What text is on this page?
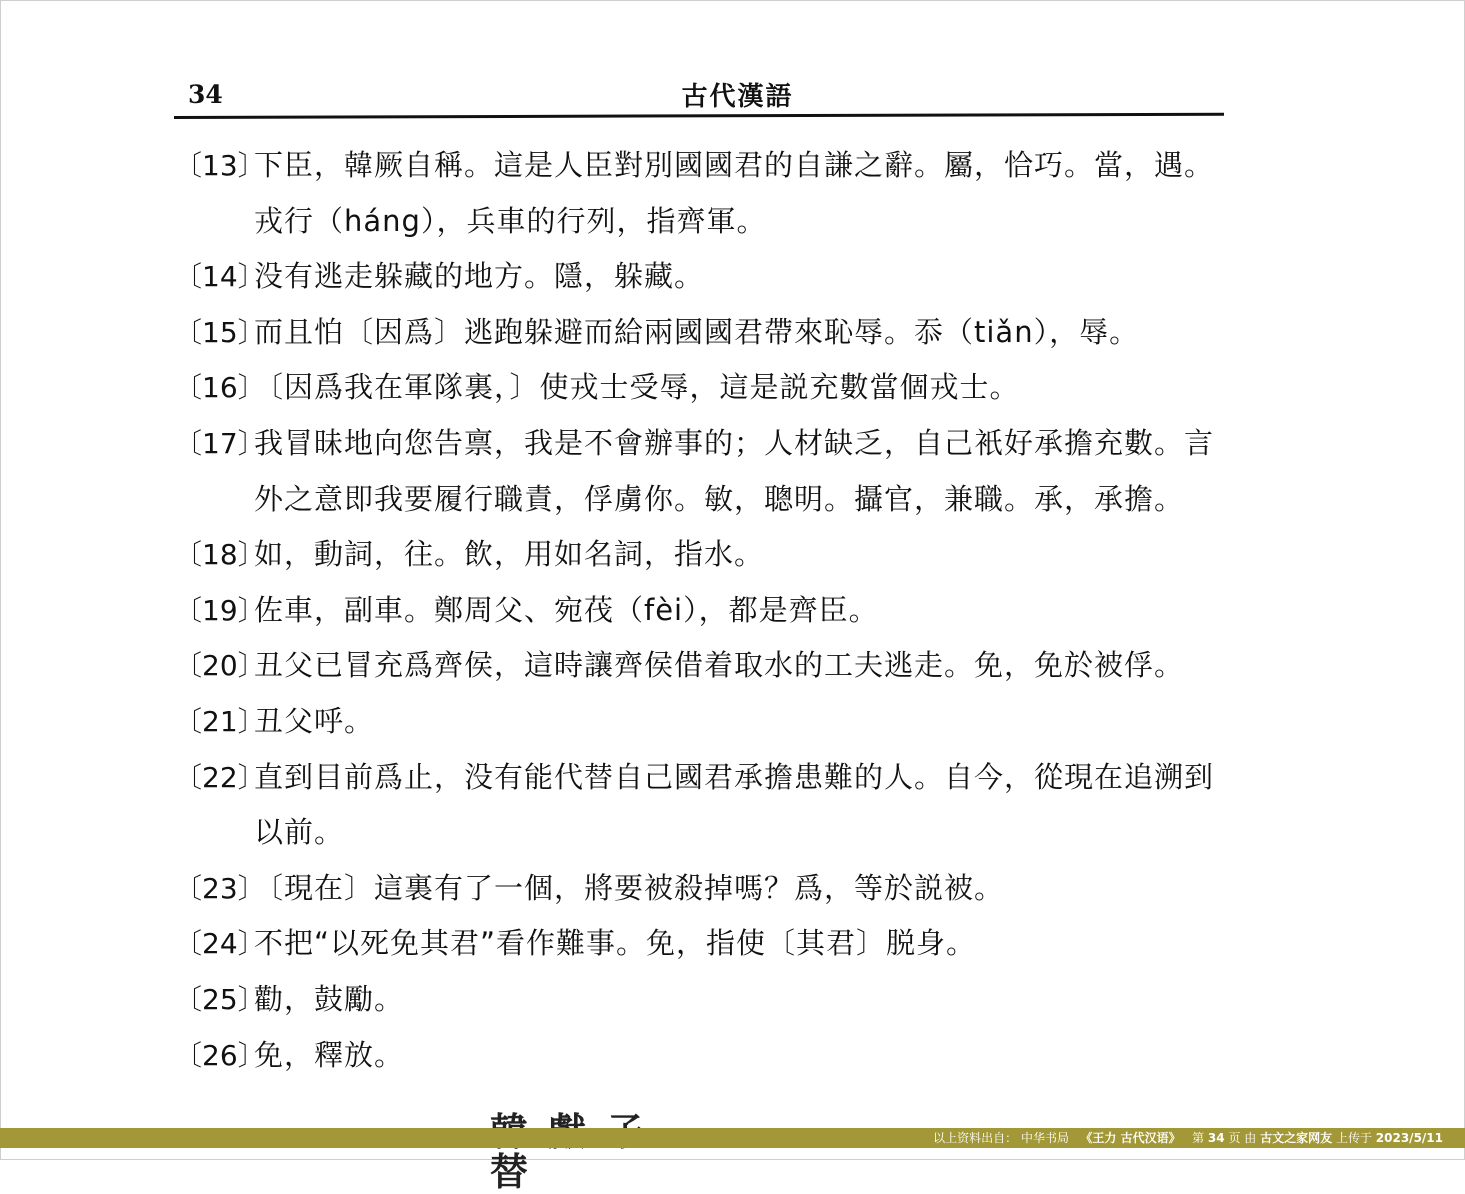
34	古代漢語
〔13〕
下臣，韓厥自稱。這是人臣對別國國君的自謙之辭。屬，恰巧。當，遇。戎行（háng），兵車的行列，指齊軍。
〔14〕
没有逃走躲藏的地方。隱，躲藏。
〔15〕
而且怕〔因爲〕逃跑躲避而給兩國國君帶來恥辱。忝（tiǎn），辱。
〔16〕
〔因爲我在軍隊裏，〕使戎士受辱，這是説充數當個戎士。
〔17〕
我冒昧地向您告禀，我是不會辦事的；人材缺乏，自己衹好承擔充數。言外之意即我要履行職責，俘虜你。敏，聰明。攝官，兼職。承，承擔。
〔18〕
如，動詞，往。飲，用如名詞，指水。
〔19〕
佐車，副車。鄭周父、宛茷（fèi），都是齊臣。
〔20〕
丑父已冒充爲齊侯，這時讓齊侯借着取水的工夫逃走。免，免於被俘。
〔21〕
丑父呼。
〔22〕
直到目前爲止，没有能代替自己國君承擔患難的人。自今，從現在追溯到以前。
〔23〕
〔現在〕這裏有了一個，將要被殺掉嗎？爲，等於説被。
〔24〕
不把“以死免其君”看作難事。免，指使〔其君〕脱身。
〔25〕
勸，鼓勵。
〔26〕
免，釋放。
替
以上资料出自： 中华书局 《王力 古代汉语》 第 34 页 由 古文之家网友 上传于 2023/5/11
